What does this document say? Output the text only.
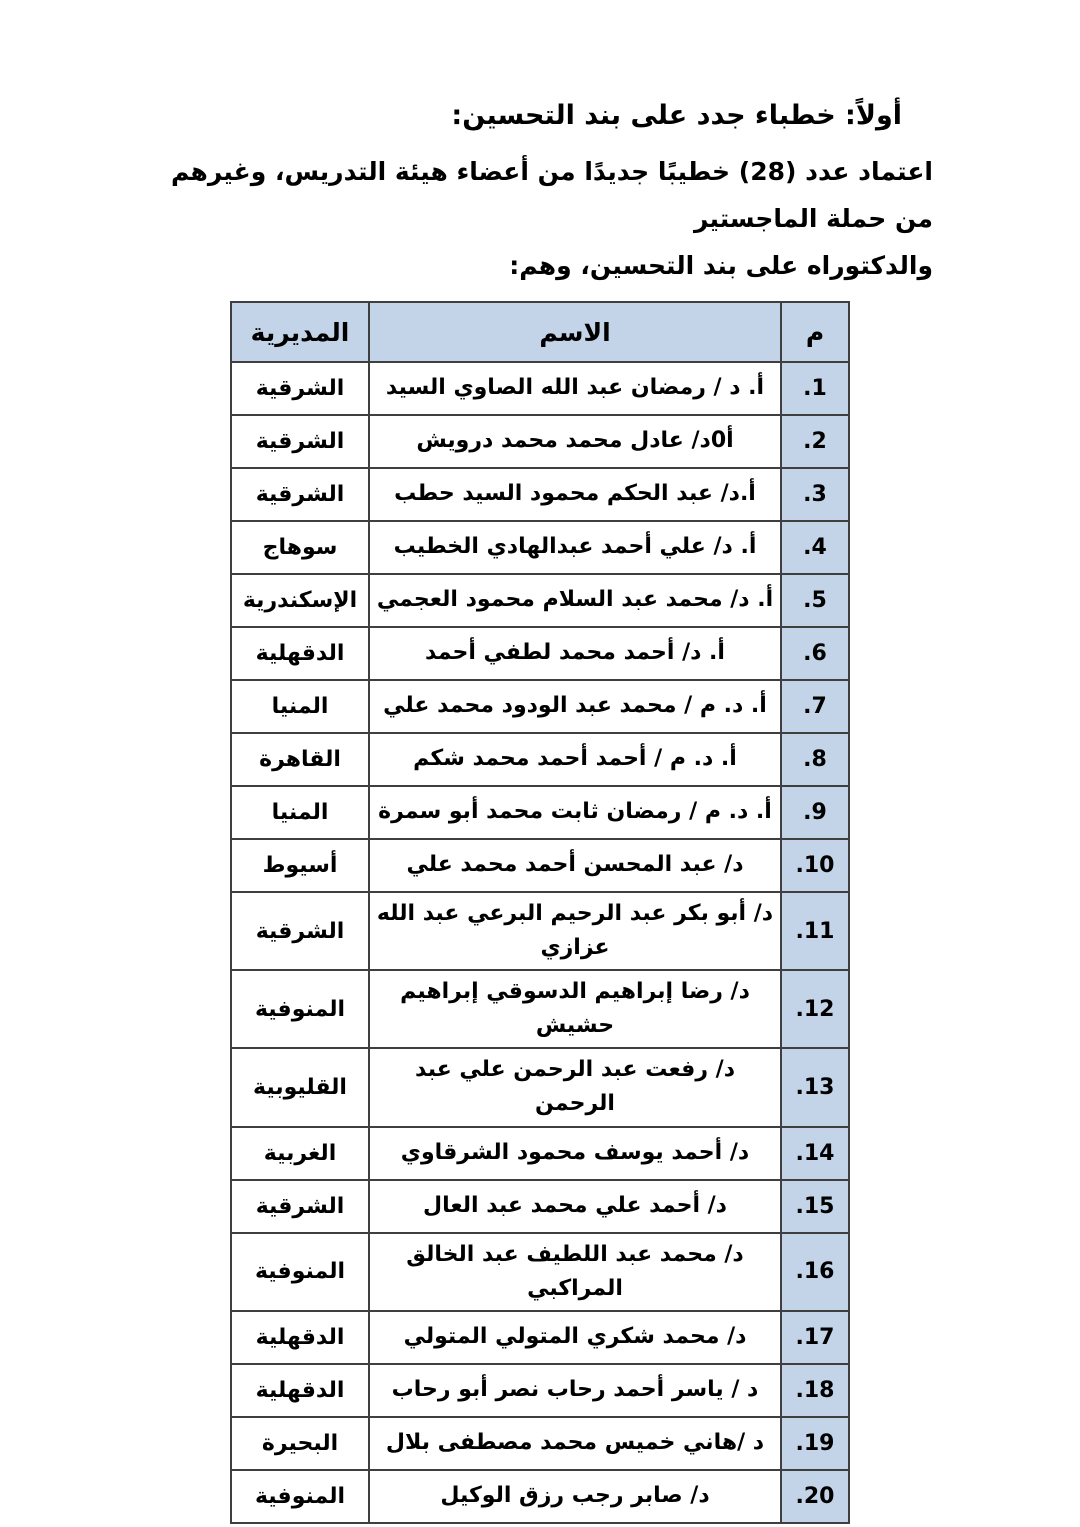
أولاً: خطباء جدد على بند التحسين:
اعتماد عدد (28) خطيبًا جديدًا من أعضاء هيئة التدريس، وغيرهم من حملة الماجستير
والدكتوراه على بند التحسين، وهم:
م	الاسم	المديرية
.1	أ. د / رمضان عبد الله الصاوي السيد	الشرقية
.2	أ0د/ عادل محمد محمد درويش	الشرقية
.3	أ.د/ عبد الحكم محمود السيد حطب	الشرقية
.4	أ. د/ علي أحمد عبدالهادي الخطيب	سوهاج
.5	أ. د/ محمد عبد السلام محمود العجمي	الإسكندرية
.6	أ. د/ أحمد محمد لطفي أحمد	الدقهلية
.7	أ. د. م / محمد عبد الودود محمد علي	المنيا
.8	أ. د. م / أحمد أحمد محمد شكم	القاهرة
.9	أ. د. م / رمضان ثابت محمد أبو سمرة	المنيا
.10	د/ عبد المحسن أحمد محمد علي	أسيوط
.11	د/ أبو بكر عبد الرحيم البرعي عبد الله عزازي	الشرقية
.12	د/ رضا إبراهيم الدسوقي إبراهيم حشيش	المنوفية
.13	د/ رفعت عبد الرحمن علي عبد الرحمن	القليوبية
.14	د/ أحمد يوسف محمود الشرقاوي	الغربية
.15	د/ أحمد علي محمد عبد العال	الشرقية
.16	د/ محمد عبد اللطيف عبد الخالق المراكبي	المنوفية
.17	د/ محمد شكري المتولي المتولي	الدقهلية
.18	د / ياسر أحمد رحاب نصر أبو رحاب	الدقهلية
.19	د /هاني خميس محمد مصطفى بلال	البحيرة
.20	د/ صابر رجب رزق الوكيل	المنوفية
